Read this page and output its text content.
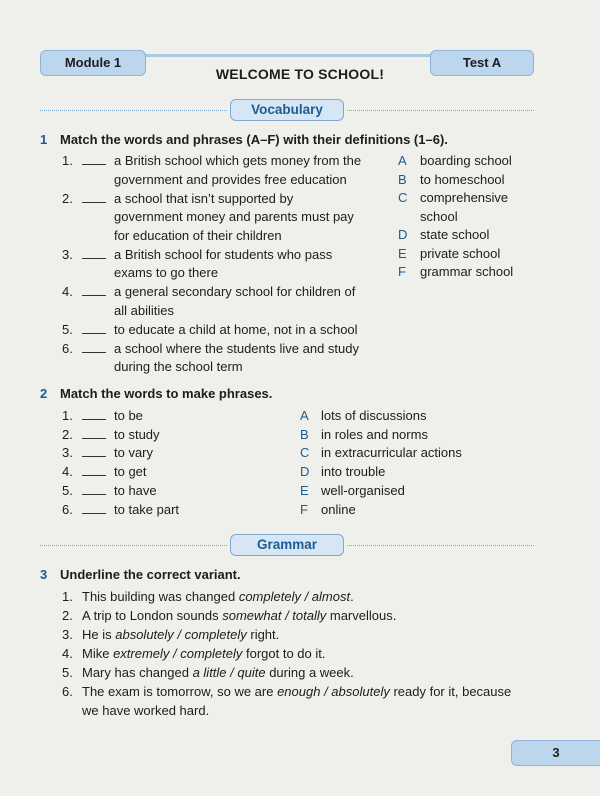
Module 1	Test A
WELCOME TO SCHOOL!
Vocabulary
1 Match the words and phrases (A–F) with their definitions (1–6).
1.	a British school which gets money from the
government and provides free education
2.	a school that isn’t supported by
government money and parents must pay
for education of their children
3.	a British school for students who pass
exams to go there
4.	a general secondary school for children of
all abilities
5.	to educate a child at home, not in a school
6.	a school where the students live and study
during the school term
A	boarding school
B	to homeschool
C comprehensive
school
D state school
E	private school
F	grammar school
2 Match the words to make phrases.
1.	to be	A lots of discussions
2.	to study	B in roles and norms
3.	to vary	C in extracurricular actions
4.	to get	D into trouble
5.	to have	E well-organised
6.	to take part	F online
Grammar
3 Underline the correct variant.
1. This building was changed completely / almost.
2. A trip to London sounds somewhat / totally marvellous.
3. He is absolutely / completely right.
4. Mike extremely / completely forgot to do it.
5. Mary has changed a little / quite during a week.
6. The exam is tomorrow, so we are enough / absolutely ready for it, because
we have worked hard.
3
